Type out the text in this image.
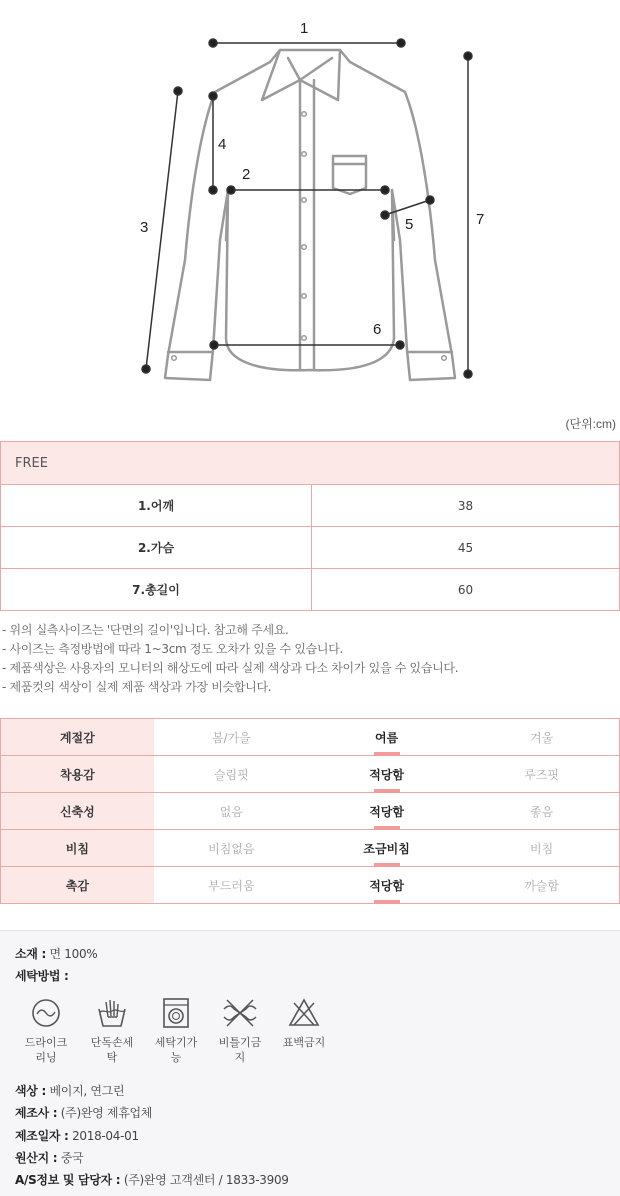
1
2
3
4
5
6
7
(단위:cm)
FREE	
1.어깨	38
2.가슴	45
7.총길이	60
- 위의 실측사이즈는 '단면의 길이'입니다. 참고해 주세요.
- 사이즈는 측정방법에 따라 1~3cm 정도 오차가 있을 수 있습니다.
- 제품색상은 사용자의 모니터의 해상도에 따라 실제 색상과 다소 차이가 있을 수 있습니다.
- 제품컷의 색상이 실제 제품 색상과 가장 비슷합니다.
계절감	봄/가을	여름	겨울
착용감	슬림핏	적당함	루즈핏
신축성	없음	적당함	좋음
비침	비침없음	조금비침	비침
촉감	부드러움	적당함	까슬함
소재 : 면 100%
세탁방법 :
드라이크
리닝
단독손세
탁
세탁기가
능
비틀기금
지
표백금지
색상 : 베이지, 연그린
제조사 : (주)완영 제휴업체
제조일자 : 2018-04-01
원산지 : 중국
A/S정보 및 담당자 : (주)완영 고객센터 / 1833-3909
